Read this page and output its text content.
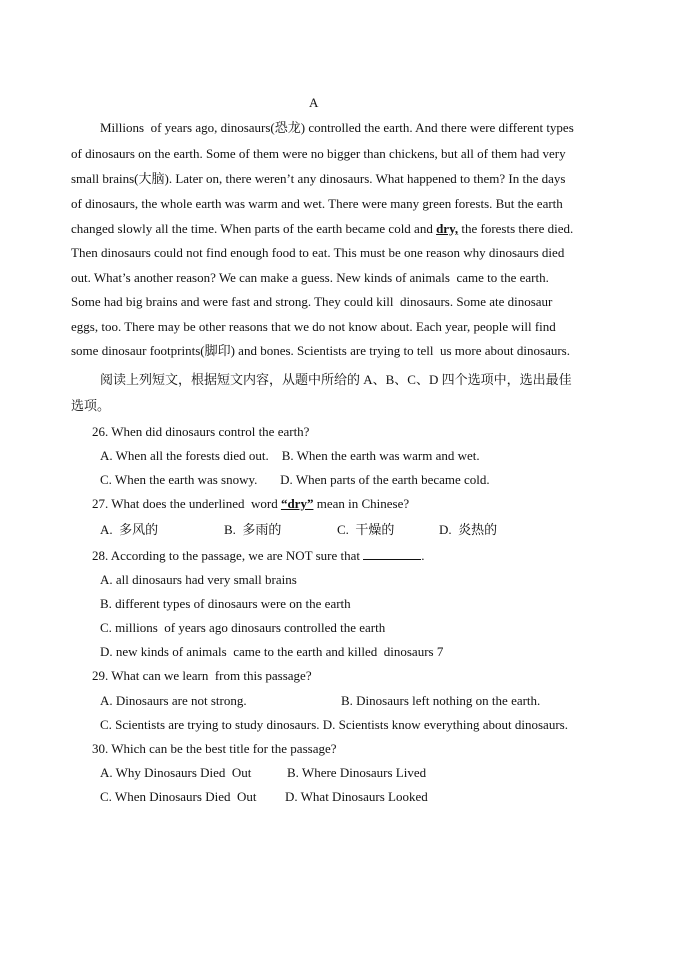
A
Millions  of years ago, dinosaurs(恐龙) controlled the earth. And there were different types
of dinosaurs on the earth. Some of them were no bigger than chickens, but all of them had very
small brains(大脑). Later on, there weren’t any dinosaurs. What happened to them? In the days
of dinosaurs, the whole earth was warm and wet. There were many green forests. But the earth
changed slowly all the time. When parts of the earth became cold and dry, the forests there died.
Then dinosaurs could not find enough food to eat. This must be one reason why dinosaurs died
out. What’s another reason? We can make a guess. New kinds of animals  came to the earth.
Some had big brains and were fast and strong. They could kill  dinosaurs. Some ate dinosaur
eggs, too. There may be other reasons that we do not know about. Each year, people will find
some dinosaur footprints(脚印) and bones. Scientists are trying to tell  us more about dinosaurs.
阅读上列短文，根据短文内容，从题中所给的 A、B、C、D 四个选项中，选出最佳
选项。
26. When did dinosaurs control the earth?
A. When all the forests died out.    B. When the earth was warm and wet.
C. When the earth was snowy.       D. When parts of the earth became cold.
27. What does the underlined  word “dry” mean in Chinese?
A.  多风的	B.  多雨的	C.  干燥的	D.  炎热的
28. According to the passage, we are NOT sure that	.
A. all dinosaurs had very small brains
B. different types of dinosaurs were on the earth
C. millions  of years ago dinosaurs controlled the earth
D. new kinds of animals  came to the earth and killed  dinosaurs 7
29. What can we learn  from this passage?
A. Dinosaurs are not strong.	B. Dinosaurs left nothing on the earth.
C. Scientists are trying to study dinosaurs. D. Scientists know everything about dinosaurs.
30. Which can be the best title for the passage?
A. Why Dinosaurs Died  Out	B. Where Dinosaurs Lived
C. When Dinosaurs Died  Out D. What Dinosaurs Looked
